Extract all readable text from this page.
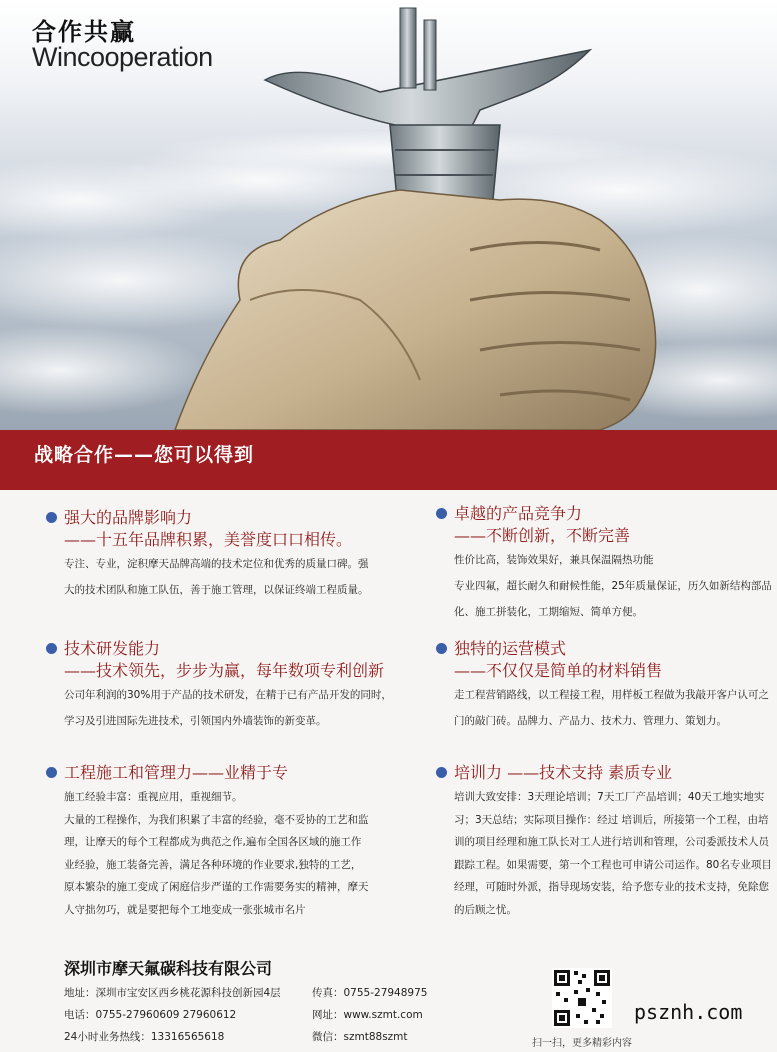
合作共赢
Wincooperation
战略合作——您可以得到
强大的品牌影响力
——十五年品牌积累，美誉度口口相传。

专注、专业，淀积摩天品牌高端的技术定位和优秀的质量口碑。强

大的技术团队和施工队伍，善于施工管理，以保证终端工程质量。

技术研发能力
——技术领先，步步为赢，每年数项专利创新

公司年利润的30%用于产品的技术研发，在精于已有产品开发的同时，

学习及引进国际先进技术，引领国内外墙装饰的新变革。

工程施工和管理力——业精于专

施工经验丰富：重视应用，重视细节。

大量的工程操作，为我们积累了丰富的经验，毫不妥协的工艺和监

理，让摩天的每个工程都成为典范之作,遍布全国各区域的施工作

业经验，施工装备完善，满足各种环境的作业要求,独特的工艺，

原本繁杂的施工变成了闲庭信步严谨的工作需要务实的精神，摩天

人守拙勿巧，就是要把每个工地变成一张张城市名片

卓越的产品竞争力
——不断创新，不断完善

性价比高，装饰效果好，兼具保温隔热功能

专业四氟，超长耐久和耐候性能，25年质量保证，历久如新结构部品

化、施工拼装化，工期缩短、简单方便。

独特的运营模式
——不仅仅是简单的材料销售

走工程营销路线，以工程接工程，用样板工程做为我敲开客户认可之

门的敲门砖。品牌力、产品力、技术力、管理力、策划力。

培训力 ——技术支持 素质专业

培训大致安排：3天理论培训；7天工厂产品培训；40天工地实地实

习；3天总结；实际项目操作：经过 培训后，所接第一个工程，由培

训的项目经理和施工队长对工人进行培训和管理，公司委派技术人员

跟踪工程。如果需要，第一个工程也可申请公司运作。80名专业项目

经理，可随时外派，指导现场安装，给予您专业的技术支持，免除您

的后顾之忧。

深圳市摩天氟碳科技有限公司
地址：深圳市宝安区西乡桃花源科技创新园4层	传真：0755-27948975
电话：0755-27960609 27960612	网址：www.szmt.com
24小时业务热线：13316565618	微信：szmt88szmt
扫一扫，更多精彩内容
psznh.com
